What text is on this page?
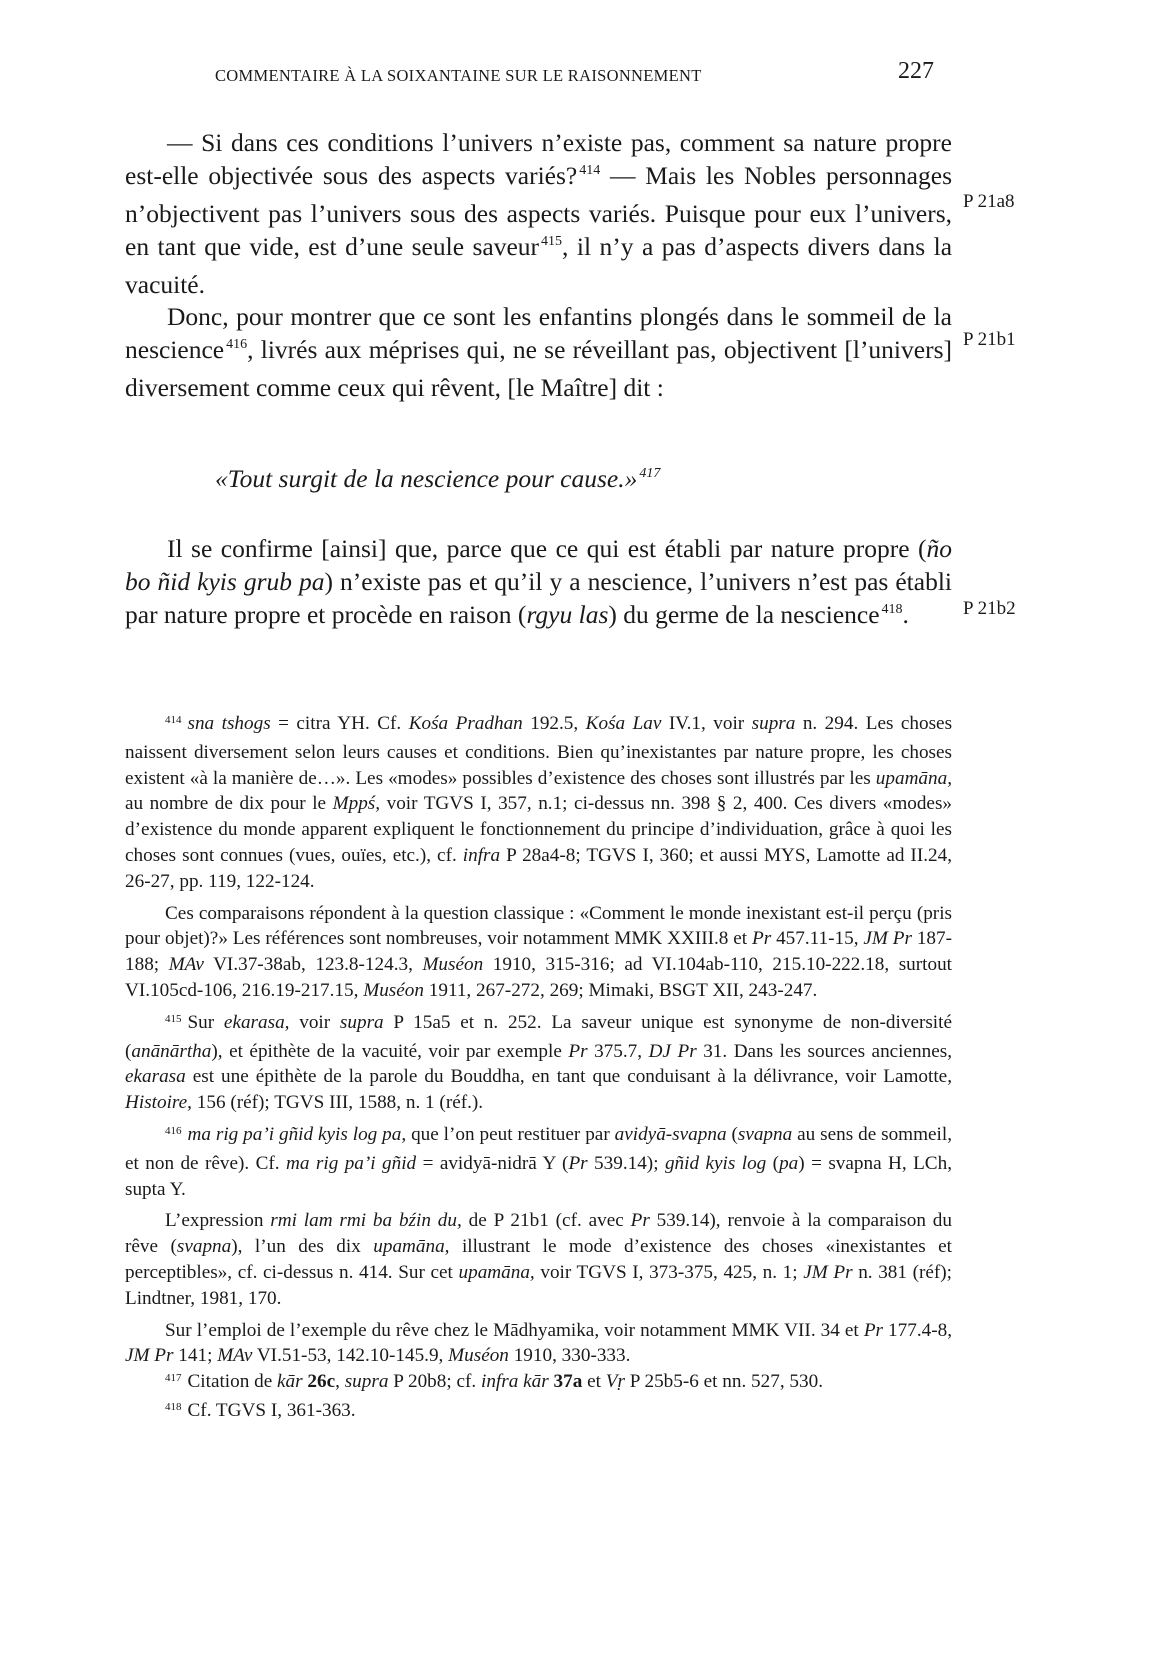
COMMENTAIRE À LA SOIXANTAINE SUR LE RAISONNEMENT	227

— Si dans ces conditions l’univers n’existe pas, comment sa nature propre est-elle objectivée sous des aspects variés? $^{414}$ — Mais les Nobles personnages n’objectivent pas l’univers sous des aspects variés. Puisque pour eux l’univers, en tant que vide, est d’une seule saveur $^{415}$, il n’y a pas d’aspects divers dans la vacuité.

Donc, pour montrer que ce sont les enfantins plongés dans le sommeil de la nescience $^{416}$, livrés aux méprises qui, ne se réveillant pas, objectivent [l’univers] diversement comme ceux qui rêvent, [le Maître] dit :

«Tout surgit de la nescience pour cause.» $^{417}$

Il se confirme [ainsi] que, parce que ce qui est établi par nature propre (ño bo ñid kyis grub pa) n’existe pas et qu’il y a nescience, l’univers n’est pas établi par nature propre et procède en raison (rgyu las) du germe de la nescience $^{418}$.

P 21a8
P 21b1
P 21b2

$^{414}$ sna tshogs = citra YH. Cf. Kośa Pradhan 192.5, Kośa Lav IV.1, voir supra n. 294. Les choses naissent diversement selon leurs causes et conditions. Bien qu’inexistantes par nature propre, les choses existent «à la manière de…». Les «modes» possibles d’existence des choses sont illustrés par les upamāna, au nombre de dix pour le Mppś, voir TGVS I, 357, n.1; ci-dessus nn. 398 § 2, 400. Ces divers «modes» d’existence du monde apparent expliquent le fonctionnement du principe d’individuation, grâce à quoi les choses sont connues (vues, ouïes, etc.), cf. infra P 28a4-8; TGVS I, 360; et aussi MYS, Lamotte ad II.24, 26-27, pp. 119, 122-124.

Ces comparaisons répondent à la question classique : «Comment le monde inexistant est-il perçu (pris pour objet)?» Les références sont nombreuses, voir notamment MMK XXIII.8 et Pr 457.11-15, JM Pr 187-188; MAv VI.37-38ab, 123.8-124.3, Muséon 1910, 315-316; ad VI.104ab-110, 215.10-222.18, surtout VI.105cd-106, 216.19-217.15, Muséon 1911, 267-272, 269; Mimaki, BSGT XII, 243-247.

$^{415}$ Sur ekarasa, voir supra P 15a5 et n. 252. La saveur unique est synonyme de non-diversité (anānārtha), et épithète de la vacuité, voir par exemple Pr 375.7, DJ Pr 31. Dans les sources anciennes, ekarasa est une épithète de la parole du Bouddha, en tant que conduisant à la délivrance, voir Lamotte, Histoire, 156 (réf); TGVS III, 1588, n. 1 (réf.).

$^{416}$ ma rig pa’i gñid kyis log pa, que l’on peut restituer par avidyā-svapna (svapna au sens de sommeil, et non de rêve). Cf. ma rig pa’i gñid = avidyā-nidrā Y (Pr 539.14); gñid kyis log (pa) = svapna H, LCh, supta Y.

L’expression rmi lam rmi ba bźin du, de P 21b1 (cf. avec Pr 539.14), renvoie à la comparaison du rêve (svapna), l’un des dix upamāna, illustrant le mode d’existence des choses «inexistantes et perceptibles», cf. ci-dessus n. 414. Sur cet upamāna, voir TGVS I, 373-375, 425, n. 1; JM Pr n. 381 (réf); Lindtner, 1981, 170.

Sur l’emploi de l’exemple du rêve chez le Mādhyamika, voir notamment MMK VII. 34 et Pr 177.4-8, JM Pr 141; MAv VI.51-53, 142.10-145.9, Muséon 1910, 330-333.

$^{417}$ Citation de kār 26c, supra P 20b8; cf. infra kār 37a et Vṛ P 25b5-6 et nn. 527, 530.

$^{418}$ Cf. TGVS I, 361-363.
